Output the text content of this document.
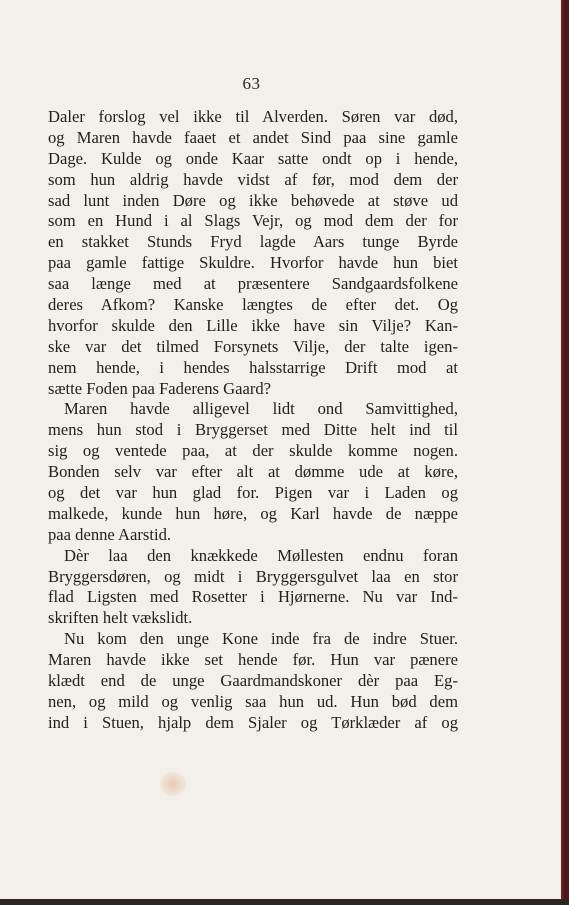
63
Daler forslog vel ikke til Alverden. Søren var død,
og Maren havde faaet et andet Sind paa sine gamle
Dage. Kulde og onde Kaar satte ondt op i hende,
som hun aldrig havde vidst af før, mod dem der
sad lunt inden Døre og ikke behøvede at støve ud
som en Hund i al Slags Vejr, og mod dem der for
en stakket Stunds Fryd lagde Aars tunge Byrde
paa gamle fattige Skuldre. Hvorfor havde hun biet
saa længe med at præsentere Sandgaardsfolkene
deres Afkom? Kanske længtes de efter det. Og
hvorfor skulde den Lille ikke have sin Vilje? Kan-
ske var det tilmed Forsynets Vilje, der talte igen-
nem hende, i hendes halsstarrige Drift mod at
sætte Foden paa Faderens Gaard?
Maren havde alligevel lidt ond Samvittighed,
mens hun stod i Bryggerset med Ditte helt ind til
sig og ventede paa, at der skulde komme nogen.
Bonden selv var efter alt at dømme ude at køre,
og det var hun glad for. Pigen var i Laden og
malkede, kunde hun høre, og Karl havde de næppe
paa denne Aarstid.
Dèr laa den knækkede Møllesten endnu foran
Bryggersdøren, og midt i Bryggersgulvet laa en stor
flad Ligsten med Rosetter i Hjørnerne. Nu var Ind-
skriften helt vækslidt.
Nu kom den unge Kone inde fra de indre Stuer.
Maren havde ikke set hende før. Hun var pænere
klædt end de unge Gaardmandskoner dèr paa Eg-
nen, og mild og venlig saa hun ud. Hun bød dem
ind i Stuen, hjalp dem Sjaler og Tørklæder af og
